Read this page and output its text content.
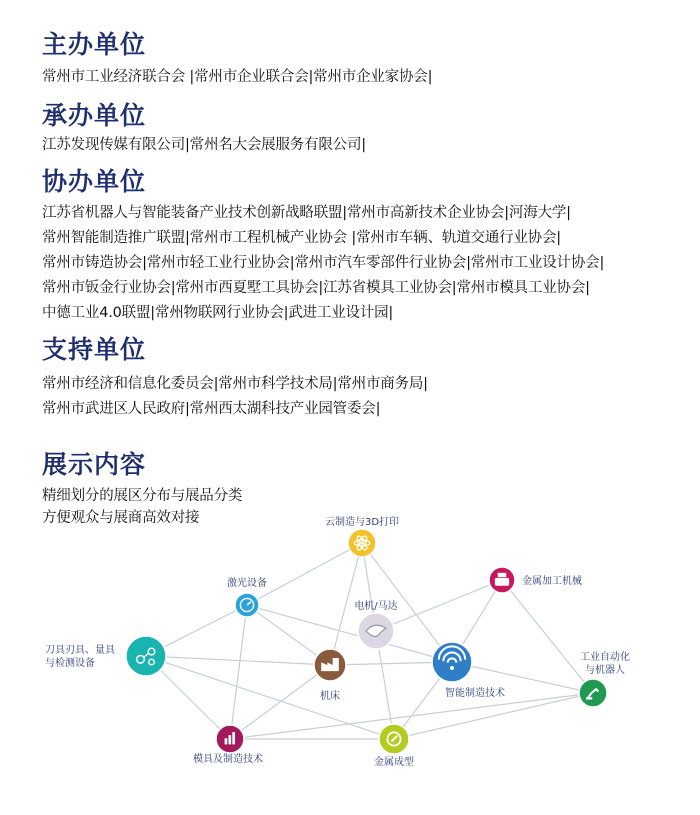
主办单位

常州市工业经济联合会 |常州市企业联合会|常州市企业家协会|

承办单位

江苏发现传媒有限公司|常州名大会展服务有限公司|

协办单位

江苏省机器人与智能装备产业技术创新战略联盟|常州市高新技术企业协会|河海大学|

常州智能制造推广联盟|常州市工程机械产业协会 |常州市车辆、轨道交通行业协会|

常州市铸造协会|常州市轻工业行业协会|常州市汽车零部件行业协会|常州市工业设计协会|

常州市钣金行业协会|常州市西夏墅工具协会|江苏省模具工业协会|常州市模具工业协会|

中德工业4.0联盟|常州物联网行业协会|武进工业设计园|

支持单位

常州市经济和信息化委员会|常州市科学技术局|常州市商务局|

常州市武进区人民政府|常州西太湖科技产业园管委会|

展示内容

精细划分的展区分布与展品分类

方便观众与展商高效对接	云制造与3D打印
金属加工机械
激光设备
电机/马达
刀具刃具、量具与检测设备
机床	智能制造技术
工业自动化与机器人
模具及制造技术	金属成型
